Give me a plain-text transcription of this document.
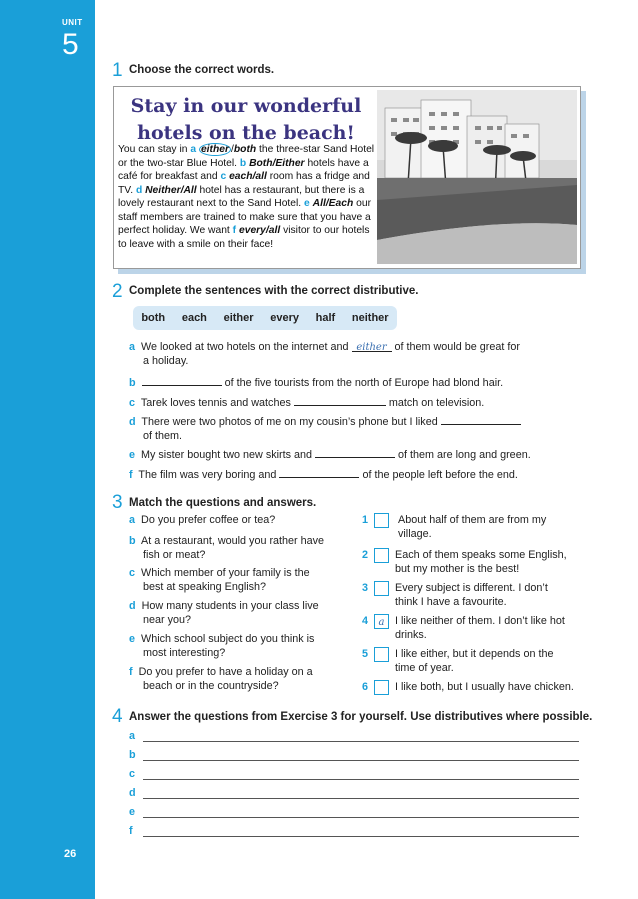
UNIT
5
26
1 Choose the correct words.
Stay in our wonderful hotels on the beach!
You can stay in a either /both the three-star Sand Hotel or the two-star Blue Hotel. b Both/Either hotels have a café for breakfast and c each/all room has a fridge and TV. d Neither/All hotel has a restaurant, but there is a lovely restaurant next to the Sand Hotel. e All/Each our staff members are trained to make sure that you have a perfect holiday. We want f every/all visitor to our hotels to leave with a smile on their face!
2 Complete the sentences with the correct distributive.
both each either every half neither
a We looked at two hotels on the internet and either of them would be great for
a holiday.
b	of the five tourists from the north of Europe had blond hair.
c Tarek loves tennis and watches	match on television.
d There were two photos of me on my cousin’s phone but I liked
of them.
e My sister bought two new skirts and	of them are long and green.
f The film was very boring and	of the people left before the end.
3 Match the questions and answers.
a Do you prefer coffee or tea?
b At a restaurant, would you rather have
fish or meat?
c Which member of your family is the
best at speaking English?
d How many students in your class live
near you?
e Which school subject do you think is
most interesting?
f Do you prefer to have a holiday on a
beach or in the countryside?
1	About half of them are from my
village.
2 Each of them speaks some English,
but my mother is the best!
3 Every subject is different. I don’t
think I have a favourite.
4	a I like neither of them. I don’t like hot
drinks.
5 I like either, but it depends on the
time of year.
6 I like both, but I usually have chicken.
4 Answer the questions from Exercise 3 for yourself. Use distributives where possible.
a
b
c
d
e
f
